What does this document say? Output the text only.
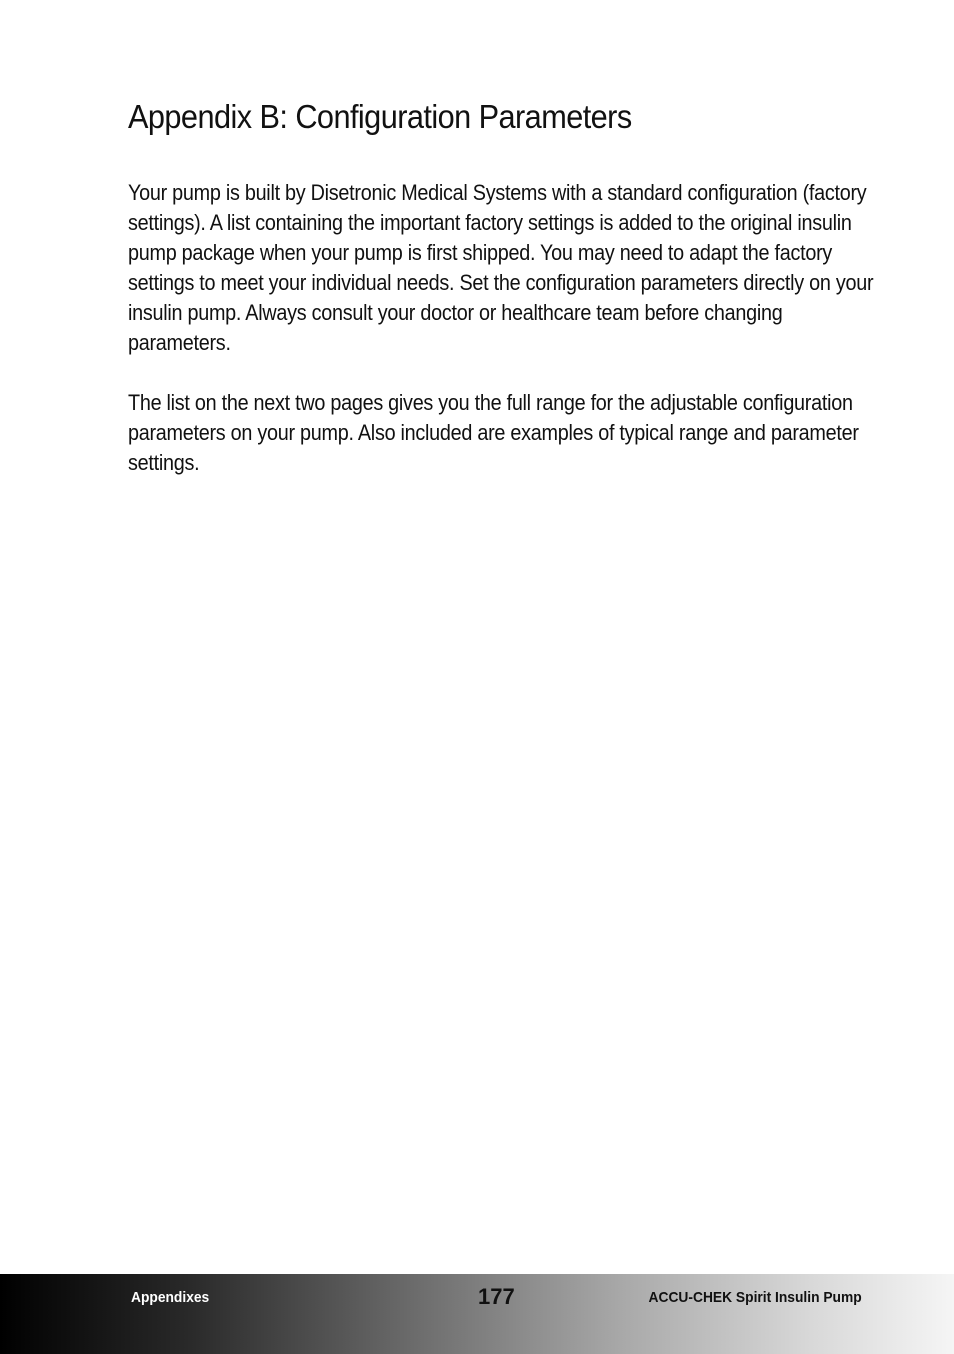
Appendix B: Configuration Parameters

Your pump is built by Disetronic Medical Systems with a standard configuration (factory settings). A list containing the important factory settings is added to the original insulin pump package when your pump is first shipped. You may need to adapt the factory settings to meet your individual needs. Set the configuration parameters directly on your insulin pump. Always consult your doctor or healthcare team before changing parameters.

The list on the next two pages gives you the full range for the adjustable configuration parameters on your pump. Also included are examples of typical range and parameter settings.

Appendixes	177	ACCU-CHEK Spirit Insulin Pump
